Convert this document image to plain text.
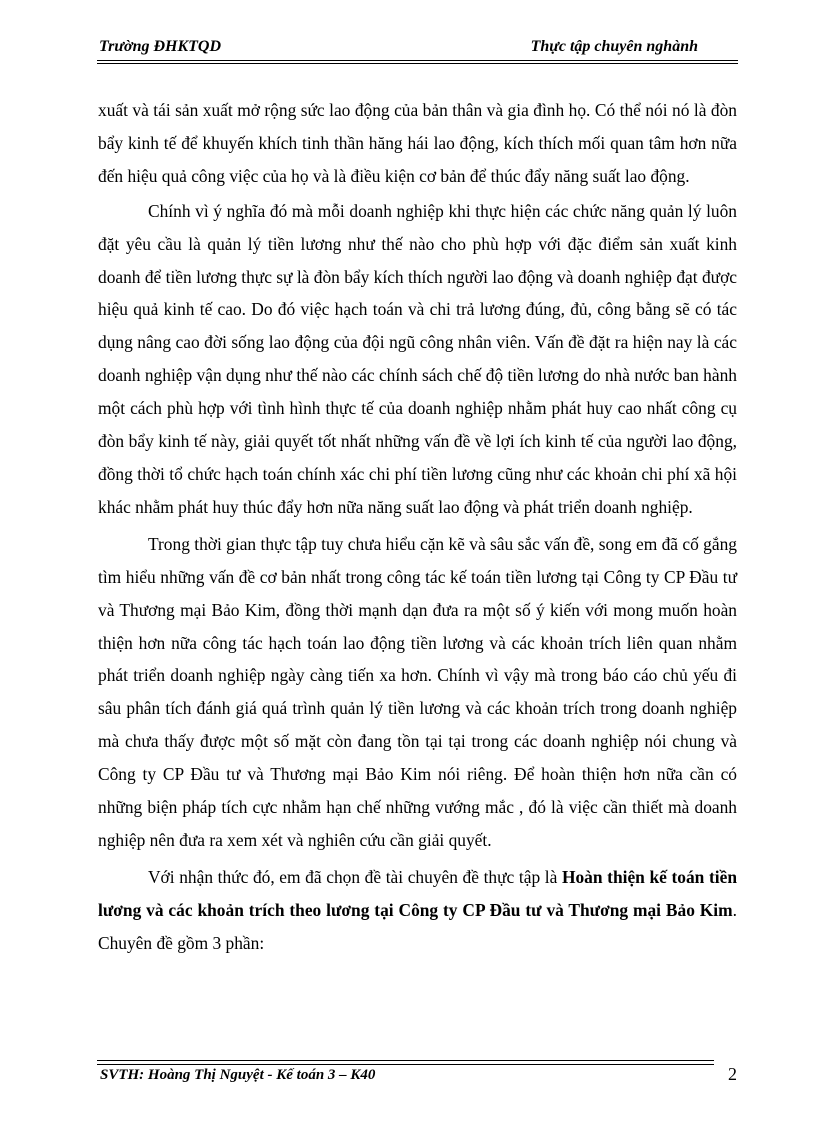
Trường ĐHKTQD	Thực tập chuyên nghành

xuất và tái sản xuất mở rộng sức lao động của bản thân và gia đình họ. Có thể nói nó là đòn bẩy kinh tế để khuyến khích tinh thần hăng hái lao động, kích thích mối quan tâm hơn nữa đến hiệu quả công việc của họ và là điều kiện cơ bản để thúc đẩy năng suất lao động.

Chính vì ý nghĩa đó mà mỗi doanh nghiệp khi thực hiện các chức năng quản lý luôn đặt yêu cầu là quản lý tiền lương như thế nào cho phù hợp với đặc điểm sản xuất kinh doanh để tiền lương thực sự là đòn bẩy kích thích người lao động và doanh nghiệp đạt được hiệu quả kinh tế cao. Do đó việc hạch toán và chi trả lương đúng, đủ, công bằng sẽ có tác dụng nâng cao đời sống lao động của đội ngũ công nhân viên. Vấn đề đặt ra hiện nay là các doanh nghiệp vận dụng như thế nào các chính sách chế độ tiền lương do nhà nước ban hành một cách phù hợp với tình hình thực tế của doanh nghiệp nhằm phát huy cao nhất công cụ đòn bẩy kinh tế này, giải quyết tốt nhất những vấn đề về lợi ích kinh tế của người lao động, đồng thời tổ chức hạch toán chính xác chi phí tiền lương cũng như các khoản chi phí xã hội khác nhằm phát huy thúc đẩy hơn nữa năng suất lao động và phát triển doanh nghiệp.

Trong thời gian thực tập tuy chưa hiểu cặn kẽ và sâu sắc vấn đề, song em đã cố gắng tìm hiểu những vấn đề cơ bản nhất trong công tác kế toán tiền lương tại Công ty CP Đầu tư và Thương mại Bảo Kim, đồng thời mạnh dạn đưa ra một số ý kiến với mong muốn hoàn thiện hơn nữa công tác hạch toán lao động tiền lương và các khoản trích liên quan nhằm phát triển doanh nghiệp ngày càng tiến xa hơn. Chính vì vậy mà trong báo cáo chủ yếu đi sâu phân tích đánh giá quá trình quản lý tiền lương và các khoản trích trong doanh nghiệp mà chưa thấy được một số mặt còn đang tồn tại tại trong các doanh nghiệp nói chung và Công ty CP Đầu tư và Thương mại Bảo Kim nói riêng. Để hoàn thiện hơn nữa cần có những biện pháp tích cực nhằm hạn chế những vướng mắc , đó là việc cần thiết mà doanh nghiệp nên đưa ra xem xét và nghiên cứu cần giải quyết.

Với nhận thức đó, em đã chọn đề tài chuyên đề thực tập là Hoàn thiện kế toán tiền lương và các khoản trích theo lương tại Công ty CP Đầu tư và Thương mại Bảo Kim. Chuyên đề gồm 3 phần:

SVTH: Hoàng Thị Nguyệt - Kế toán 3 – K40	2
